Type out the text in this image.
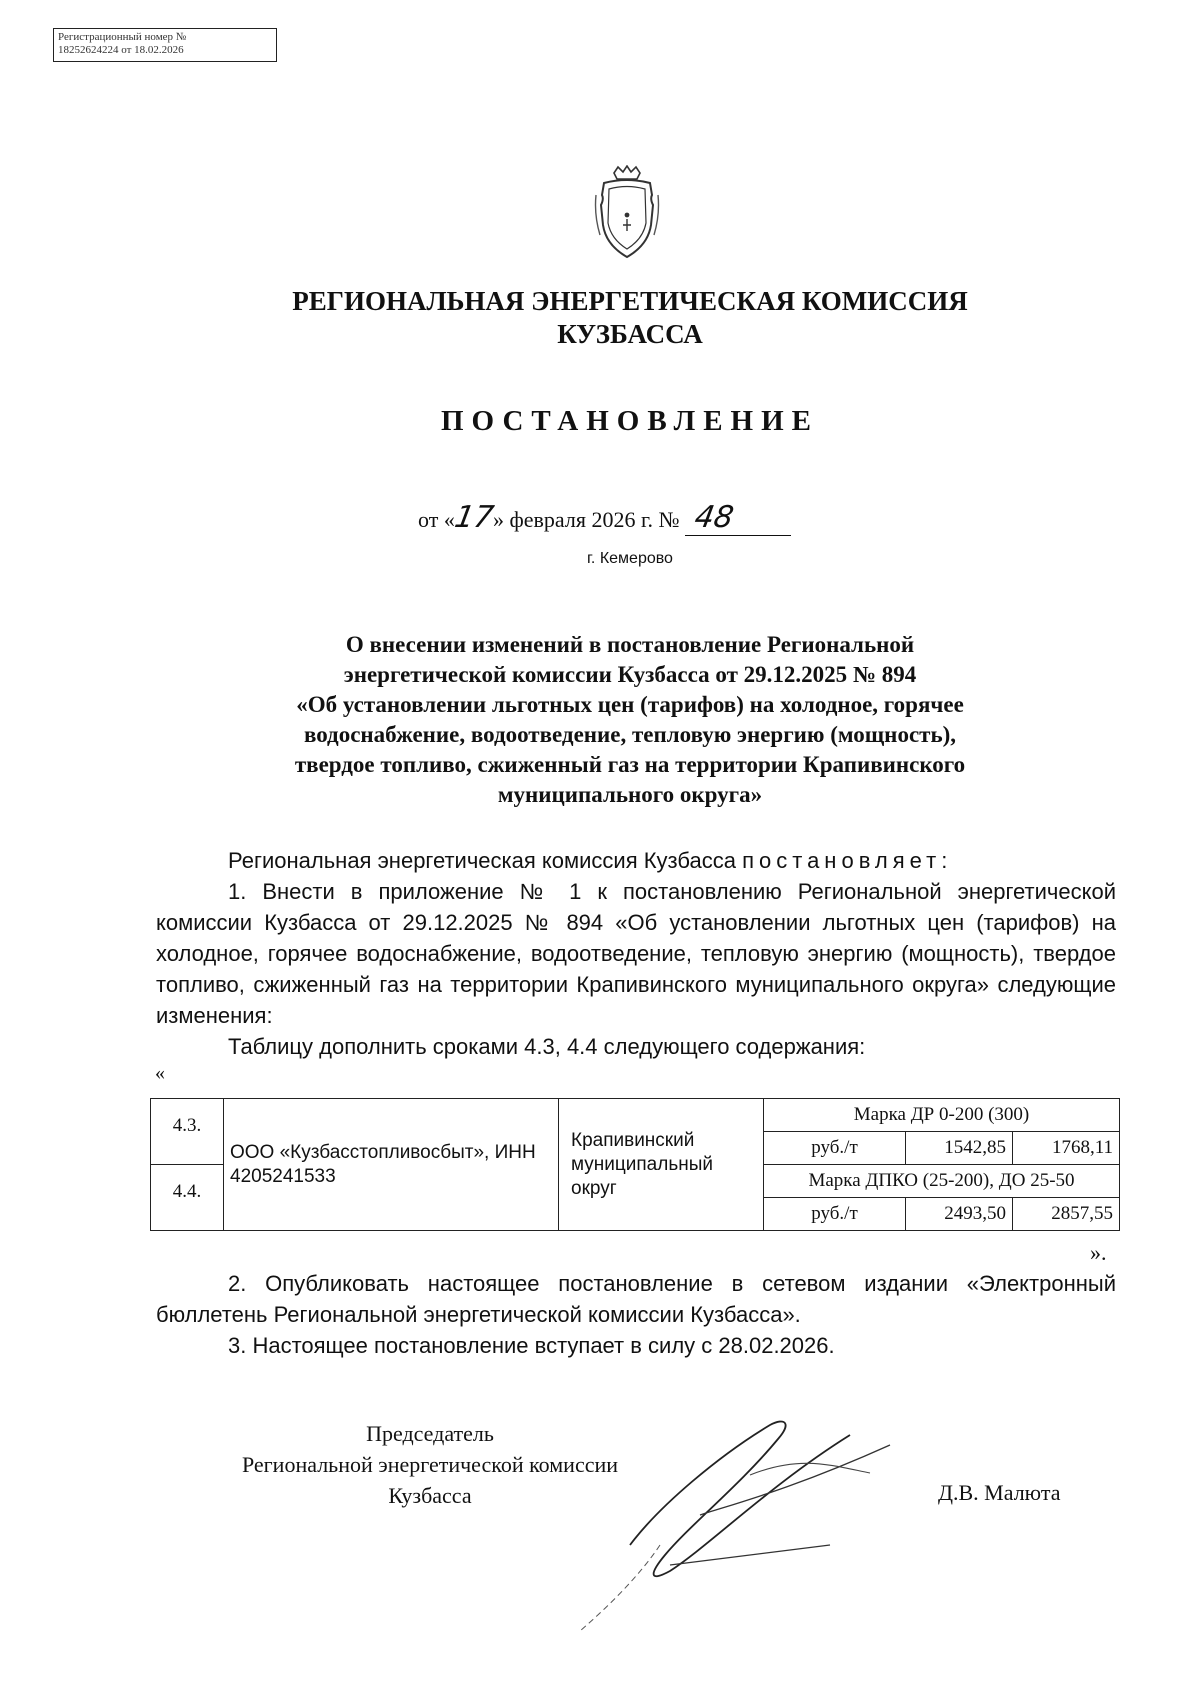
Регистрационный номер №
18252624224 от 18.02.2026
РЕГИОНАЛЬНАЯ ЭНЕРГЕТИЧЕСКАЯ КОМИССИЯ
КУЗБАССА
ПОСТАНОВЛЕНИЕ
от «17» февраля 2026 г. № 48
г. Кемерово
О внесении изменений в постановление Региональной
энергетической комиссии Кузбасса от 29.12.2025 № 894
«Об установлении льготных цен (тарифов) на холодное, горячее
водоснабжение, водоотведение, тепловую энергию (мощность),
твердое топливо, сжиженный газ на территории Крапивинского
муниципального округа»

Региональная энергетическая комиссия Кузбасса постановляет:

1. Внести в приложение № 1 к постановлению Региональной энергетической комиссии Кузбасса от 29.12.2025 № 894 «Об установлении льготных цен (тарифов) на холодное, горячее водоснабжение, водоотведение, тепловую энергию (мощность), твердое топливо, сжиженный газ на территории Крапивинского муниципального округа» следующие изменения:

Таблицу дополнить сроками 4.3, 4.4 следующего содержания:

«
4.3.	ООО «Кузбасстопливосбыт», ИНН 4205241533	Крапивинский муниципальный округ	Марка ДР 0-200 (300)		
			руб./т	1542,85	1768,11
4.4.			Марка ДПКО (25-200), ДО 25-50		
			руб./т	2493,50	2857,55
».

2. Опубликовать настоящее постановление в сетевом издании «Электронный бюллетень Региональной энергетической комиссии Кузбасса».

3. Настоящее постановление вступает в силу с 28.02.2026.

Председатель
Региональной энергетической комиссии
Кузбасса	Д.В. Малюта
